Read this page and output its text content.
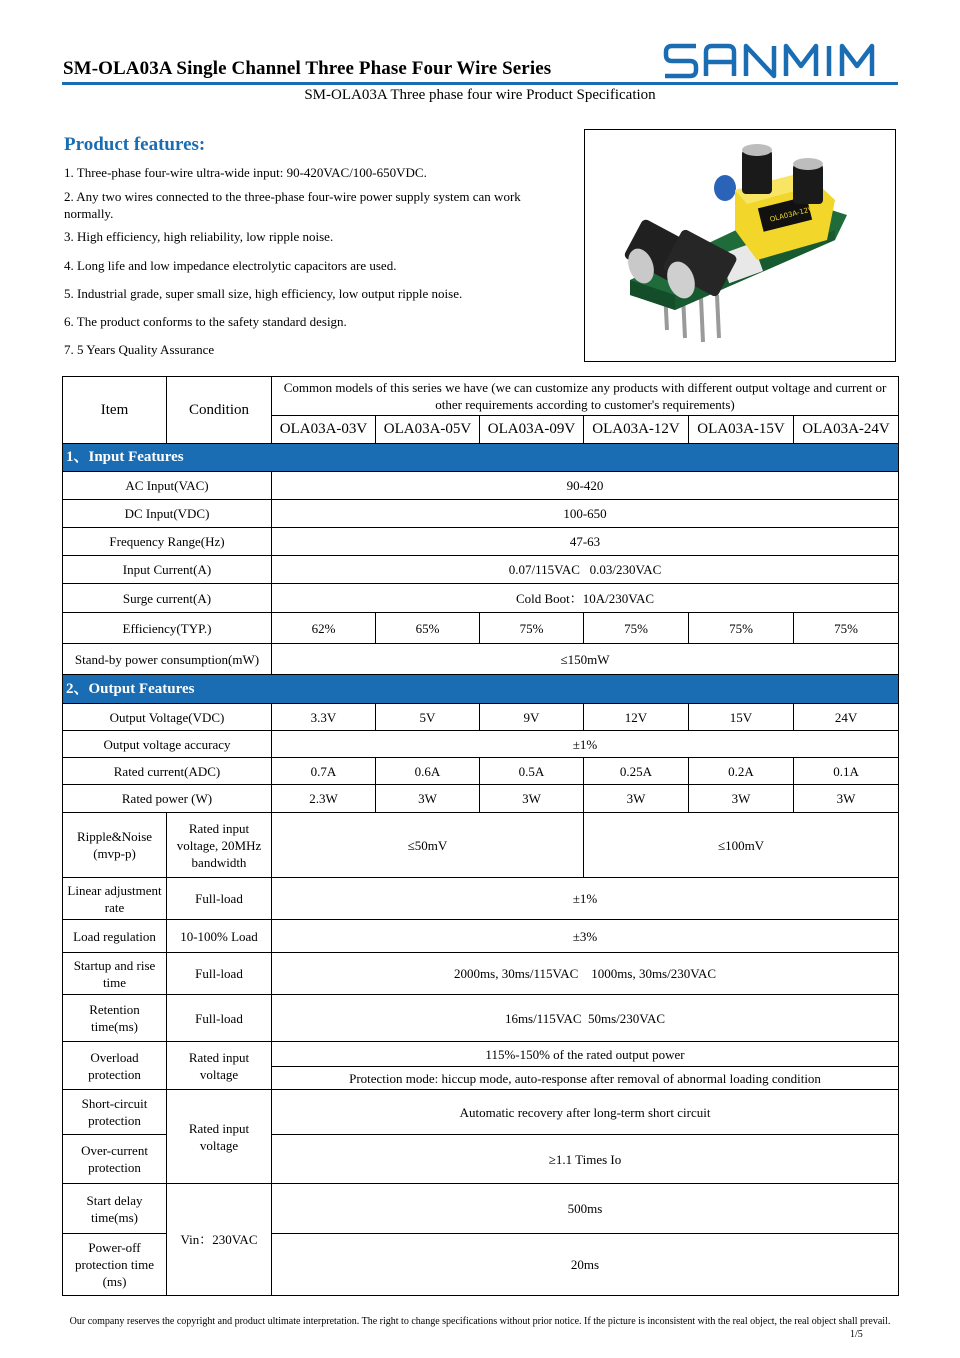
SM-OLA03A Single Channel Three Phase Four Wire Series
SM-OLA03A Three phase four wire Product Specification
Product features:
1. Three-phase four-wire ultra-wide input: 90-420VAC/100-650VDC.
2. Any two wires connected to the three-phase four-wire power supply system can work normally.
3. High efficiency, high reliability, low ripple noise.
4. Long life and low impedance electrolytic capacitors are used.
5. Industrial grade, super small size, high efficiency, low output ripple noise.
6. The product conforms to the safety standard design.
7. 5 Years Quality Assurance
OLA03A-12V
Item	Condition	Common models of this series we have (we can customize any products with different output voltage and current or other requirements according to customer's requirements)					
		OLA03A-03V	OLA03A-05V	OLA03A-09V	OLA03A-12V	OLA03A-15V	OLA03A-24V
1、Input Features							
AC Input(VAC)		90-420					
DC Input(VDC)		100-650					
Frequency Range(Hz)		47-63					
Input Current(A)		0.07/115VAC   0.03/230VAC					
Surge current(A)		Cold Boot：10A/230VAC					
Efficiency(TYP.)		62%	65%	75%	75%	75%	75%
Stand-by power consumption(mW)		≤150mW					
2、Output Features							
Output Voltage(VDC)		3.3V	5V	9V	12V	15V	24V
Output voltage accuracy		±1%					
Rated current(ADC)		0.7A	0.6A	0.5A	0.25A	0.2A	0.1A
Rated power (W)		2.3W	3W	3W	3W	3W	3W
Ripple&Noise (mvp-p)	Rated input voltage, 20MHz bandwidth	≤50mV			≤100mV		
Linear adjustment rate	Full-load	±1%					
Load regulation	10-100% Load	±3%					
Startup and rise time	Full-load	2000ms, 30ms/115VAC    1000ms, 30ms/230VAC					
Retention time(ms)	Full-load	16ms/115VAC  50ms/230VAC					
Overload protection	Rated input voltage	115%-150% of the rated output power					
		Protection mode: hiccup mode, auto-response after removal of abnormal loading condition					
Short-circuit protection	Rated input voltage	Automatic recovery after long-term short circuit					
Over-current protection		≥1.1 Times Io					
Start delay time(ms)	Vin：230VAC	500ms					
Power-off protection time (ms)		20ms					
Our company reserves the copyright and product ultimate interpretation. The right to change specifications without prior notice. If the picture is inconsistent with the real object, the real object shall prevail.
1/5
